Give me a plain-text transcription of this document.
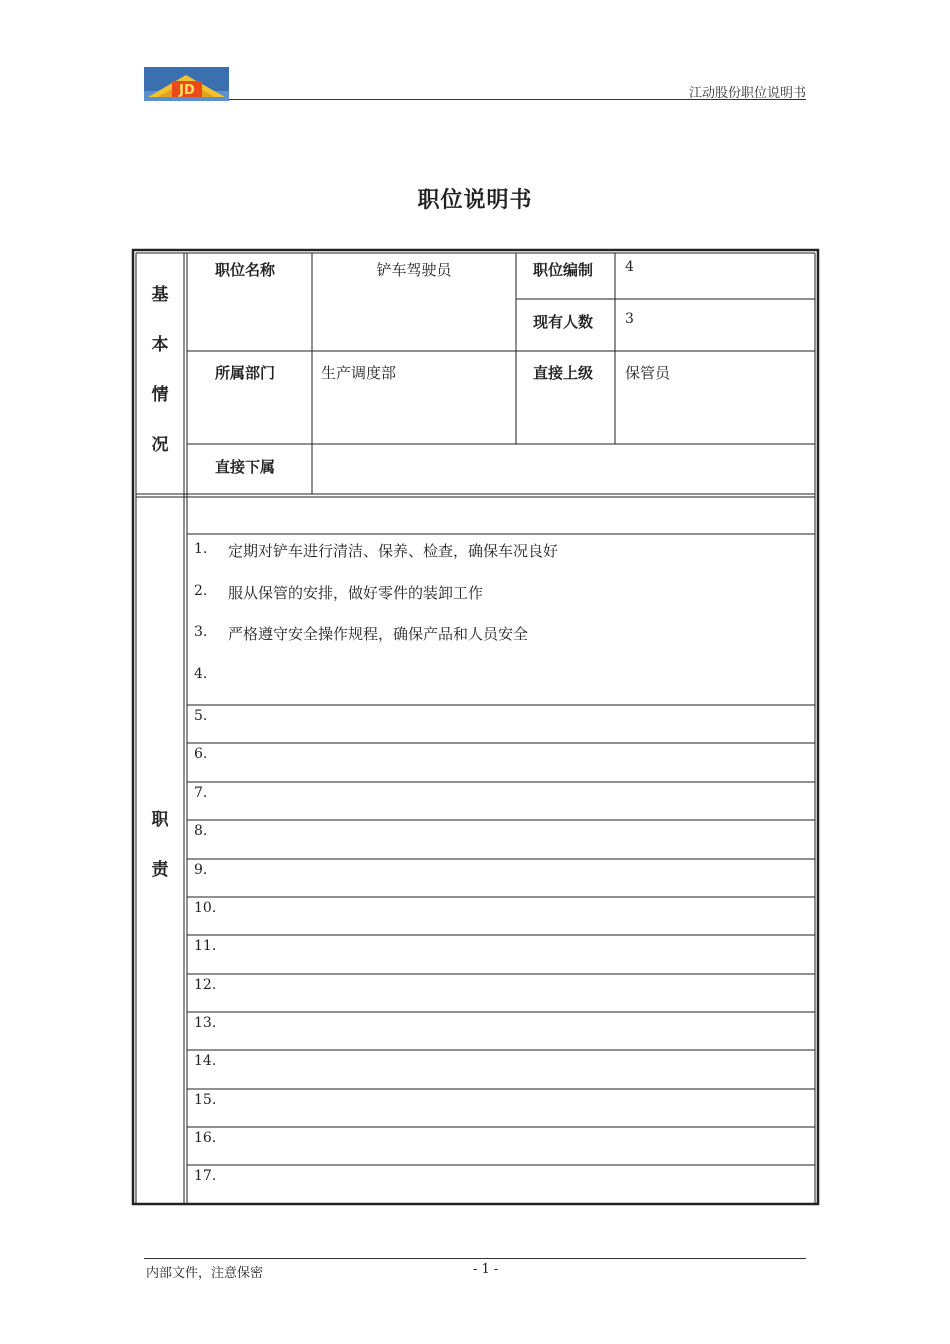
JD	江动股份职位说明书
职位说明书
基
本
情
况
职位名称	铲车驾驶员	职位编制 4
现有人数 3
所属部门	生产调度部	直接上级 保管员
直接下属
职
责
1. 定期对铲车进行清洁、保养、检查，确保车况良好
2. 服从保管的安排，做好零件的装卸工作
3. 严格遵守安全操作规程，确保产品和人员安全
4.
5.
6.
7.
8.
9.
10.
11.
12.
13.
14.
15.
16.
17.
内部文件，注意保密	- 1 -
